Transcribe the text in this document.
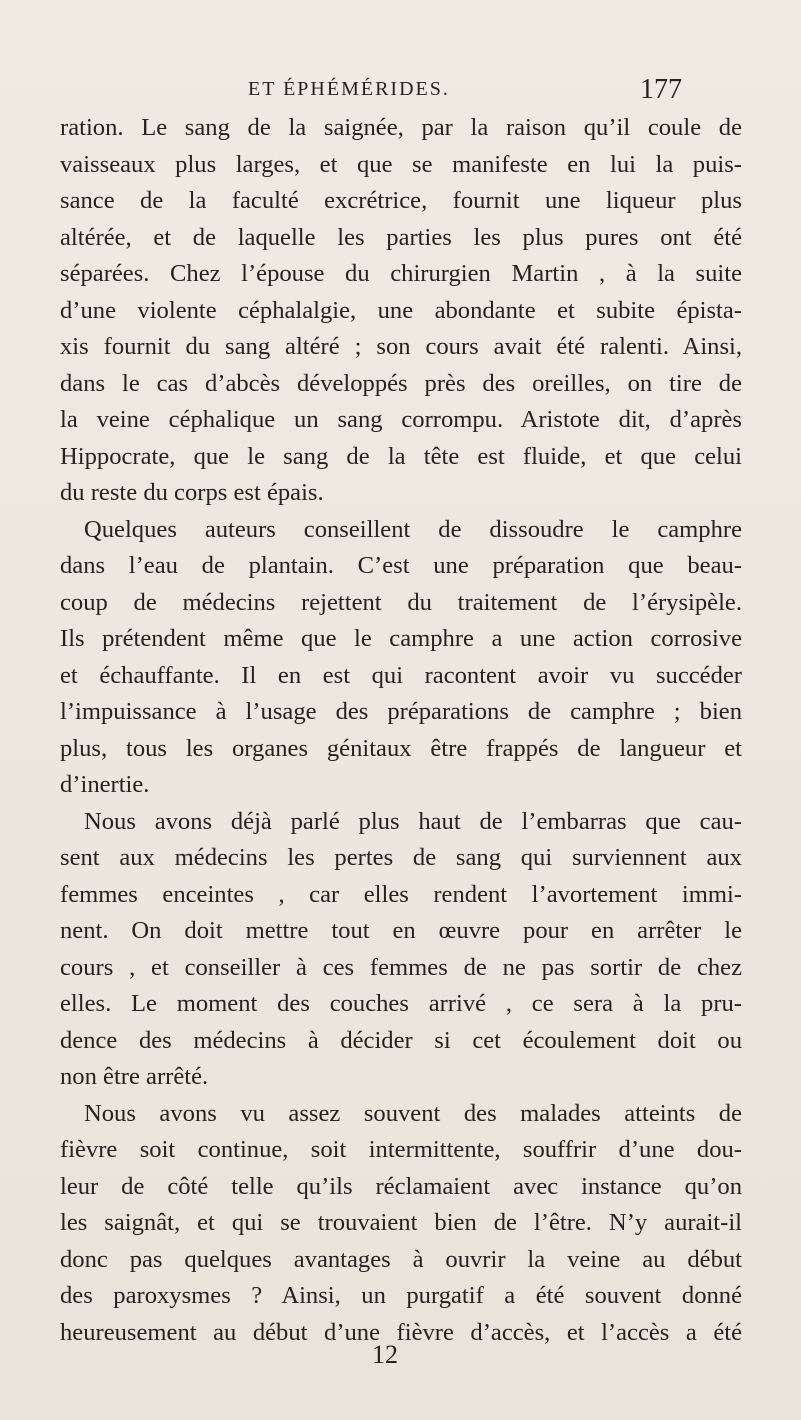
ET ÉPHÉMÉRIDES.	177
ration. Le sang de la saignée, par la raison qu’il coule de
vaisseaux plus larges, et que se manifeste en lui la puis-
sance de la faculté excrétrice, fournit une liqueur plus
altérée, et de laquelle les parties les plus pures ont été
séparées. Chez l’épouse du chirurgien Martin , à la suite
d’une violente céphalalgie, une abondante et subite épista-
xis fournit du sang altéré ; son cours avait été ralenti. Ainsi,
dans le cas d’abcès développés près des oreilles, on tire de
la veine céphalique un sang corrompu. Aristote dit, d’après
Hippocrate, que le sang de la tête est fluide, et que celui
du reste du corps est épais.
Quelques auteurs conseillent de dissoudre le camphre
dans l’eau de plantain. C’est une préparation que beau-
coup de médecins rejettent du traitement de l’érysipèle.
Ils prétendent même que le camphre a une action corrosive
et échauffante. Il en est qui racontent avoir vu succéder
l’impuissance à l’usage des préparations de camphre ; bien
plus, tous les organes génitaux être frappés de langueur et
d’inertie.
Nous avons déjà parlé plus haut de l’embarras que cau-
sent aux médecins les pertes de sang qui surviennent aux
femmes enceintes , car elles rendent l’avortement immi-
nent. On doit mettre tout en œuvre pour en arrêter le
cours , et conseiller à ces femmes de ne pas sortir de chez
elles. Le moment des couches arrivé , ce sera à la pru-
dence des médecins à décider si cet écoulement doit ou
non être arrêté.
Nous avons vu assez souvent des malades atteints de
fièvre soit continue, soit intermittente, souffrir d’une dou-
leur de côté telle qu’ils réclamaient avec instance qu’on
les saignât, et qui se trouvaient bien de l’être. N’y aurait-il
donc pas quelques avantages à ouvrir la veine au début
des paroxysmes ? Ainsi, un purgatif a été souvent donné
heureusement au début d’une fièvre d’accès, et l’accès a été
12
